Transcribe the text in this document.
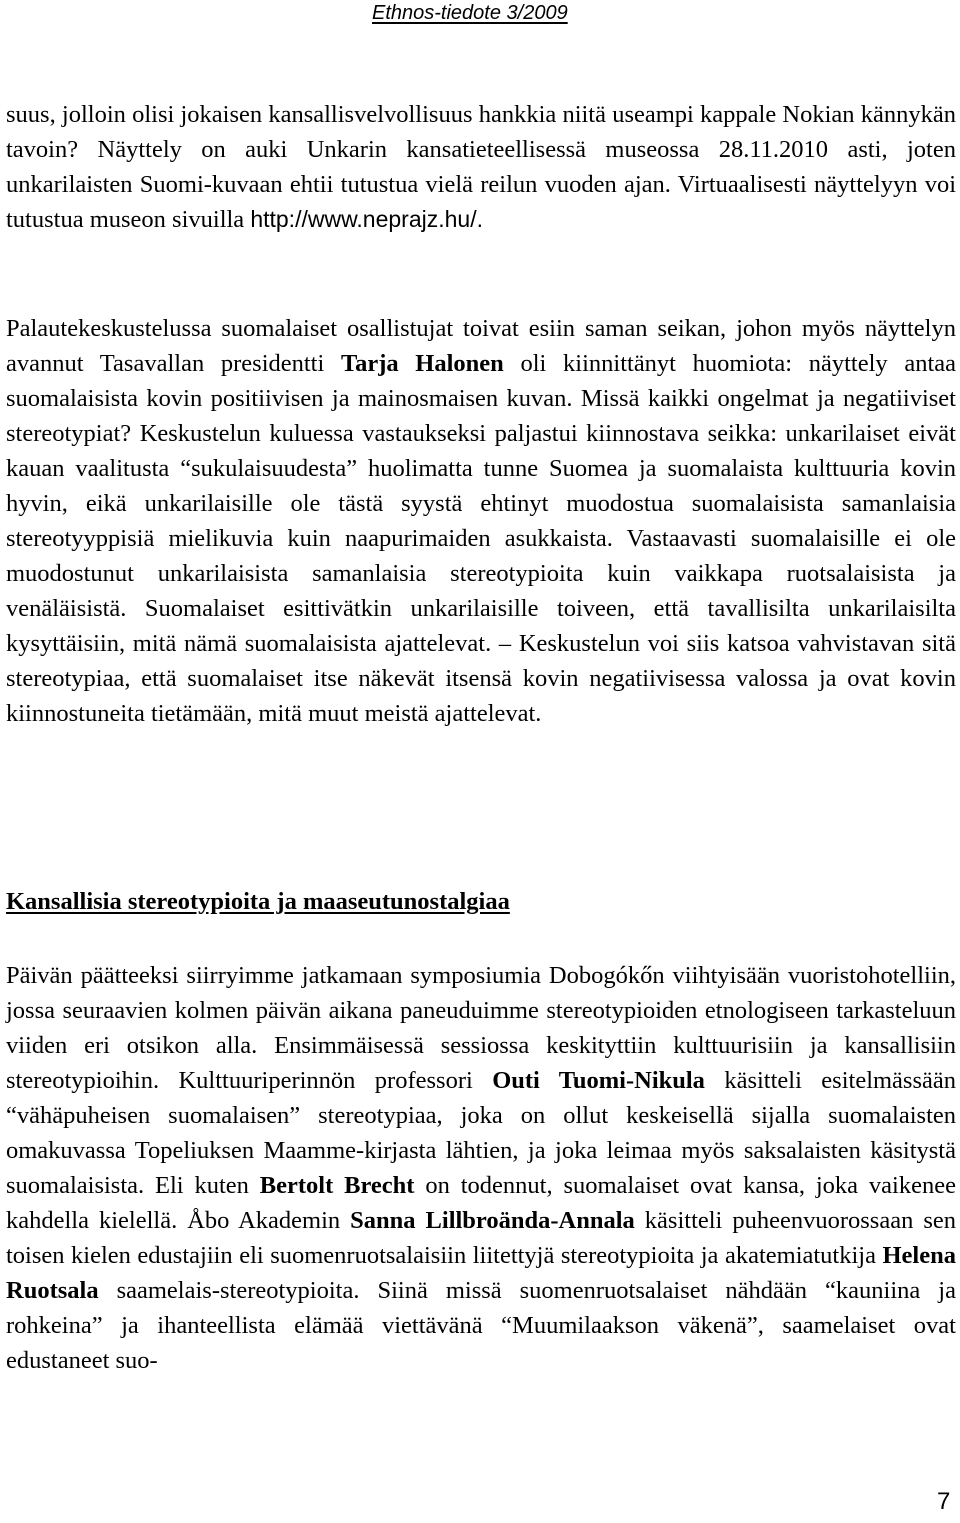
Ethnos-tiedote 3/2009

suus, jolloin olisi jokaisen kansallisvelvollisuus hankkia niitä useampi kappale Nokian kännykän tavoin? Näyttely on auki Unkarin kansatieteellisessä museossa 28.11.2010 asti, joten unkarilaisten Suomi-kuvaan ehtii tutustua vielä reilun vuoden ajan. Virtuaalisesti näyttelyyn voi tutustua museon sivuilla http://www.neprajz.hu/.

Palautekeskustelussa suomalaiset osallistujat toivat esiin saman seikan, johon myös näyttelyn avannut Tasavallan presidentti Tarja Halonen oli kiinnittänyt huomiota: näyttely antaa suomalaisista kovin positiivisen ja mainosmaisen kuvan. Missä kaikki ongelmat ja negatiiviset stereotypiat? Keskustelun kuluessa vastaukseksi paljastui kiinnostava seikka: unkarilaiset eivät kauan vaalitusta “sukulaisuudesta” huolimatta tunne Suomea ja suomalaista kulttuuria kovin hyvin, eikä unkarilaisille ole tästä syystä ehtinyt muodostua suomalaisista samanlaisia stereotyyppisiä mielikuvia kuin naapurimaiden asukkaista. Vastaavasti suomalaisille ei ole muodostunut unkarilaisista samanlaisia stereotypioita kuin vaikkapa ruotsalaisista ja venäläisistä. Suomalaiset esittivätkin unkarilaisille toiveen, että tavallisilta unkarilaisilta kysyttäisiin, mitä nämä suomalaisista ajattelevat. – Keskustelun voi siis katsoa vahvistavan sitä stereotypiaa, että suomalaiset itse näkevät itsensä kovin negatiivisessa valossa ja ovat kovin kiinnostuneita tietämään, mitä muut meistä ajattelevat.

Kansallisia stereotypioita ja maaseutunostalgiaa

Päivän päätteeksi siirryimme jatkamaan symposiumia Dobogókőn viihtyisään vuoristohotelliin, jossa seuraavien kolmen päivän aikana paneuduimme stereotypioiden etnologiseen tarkasteluun viiden eri otsikon alla. Ensimmäisessä sessiossa keskityttiin kulttuurisiin ja kansallisiin stereotypioihin. Kulttuuriperinnön professori Outi Tuomi-Nikula käsitteli esitelmässään “vähäpuheisen suomalaisen” stereotypiaa, joka on ollut keskeisellä sijalla suomalaisten omakuvassa Topeliuksen Maamme-kirjasta lähtien, ja joka leimaa myös saksalaisten käsitystä suomalaisista. Eli kuten Bertolt Brecht on todennut, suomalaiset ovat kansa, joka vaikenee kahdella kielellä. Åbo Akademin Sanna Lillbroända-Annala käsitteli puheenvuorossaan sen toisen kielen edustajiin eli suomenruotsalaisiin liitettyjä stereotypioita ja akatemiatutkija Helena Ruotsala saamelais-stereotypioita. Siinä missä suomenruotsalaiset nähdään “kauniina ja rohkeina” ja ihanteellista elämää viettävänä “Muumilaakson väkenä”, saamelaiset ovat edustaneet suo-

7
